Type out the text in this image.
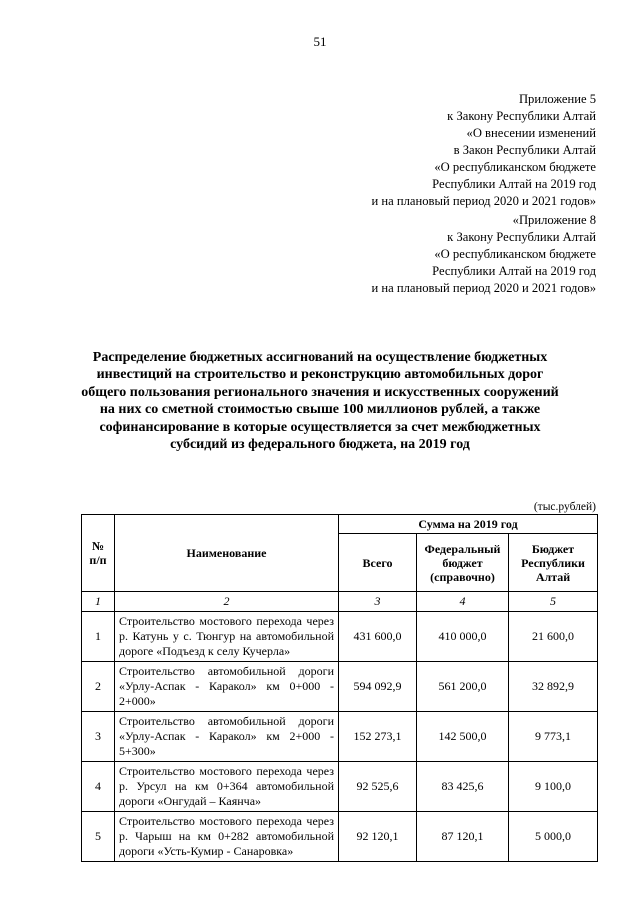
51
Приложение 5
к Закону Республики Алтай
«О внесении изменений
в Закон Республики Алтай
«О республиканском бюджете
Республики Алтай на 2019 год
и на плановый период 2020 и 2021 годов»
«Приложение 8
к Закону Республики Алтай
«О республиканском бюджете
Республики Алтай на 2019 год
и на плановый период 2020 и 2021 годов»
Распределение бюджетных ассигнований на осуществление бюджетных
инвестиций на строительство и реконструкцию автомобильных дорог
общего пользования регионального значения и искусственных сооружений
на них со сметной стоимостью свыше 100 миллионов рублей, а также
софинансирование в которые осуществляется за счет межбюджетных
субсидий из федерального бюджета, на 2019 год
(тыс.рублей)
№ п/п	Наименование	Сумма на 2019 год		
		Всего	Федеральный бюджет (справочно)	Бюджет Республики Алтай
1	2	3	4	5
1	Строительство мостового перехода через р. Катунь у с. Тюнгур на автомобильной дороге «Подъезд к селу Кучерла»	431 600,0	410 000,0	21 600,0
2	Строительство автомобильной дороги «Урлу-Аспак - Каракол» км 0+000 - 2+000»	594 092,9	561 200,0	32 892,9
3	Строительство автомобильной дороги «Урлу-Аспак - Каракол» км 2+000 - 5+300»	152 273,1	142 500,0	9 773,1
4	Строительство мостового перехода через р. Урсул на км 0+364 автомобильной дороги «Онгудай – Каянча»	92 525,6	83 425,6	9 100,0
5	Строительство мостового перехода через р. Чарыш на км 0+282 автомобильной дороги «Усть-Кумир - Санаровка»	92 120,1	87 120,1	5 000,0
